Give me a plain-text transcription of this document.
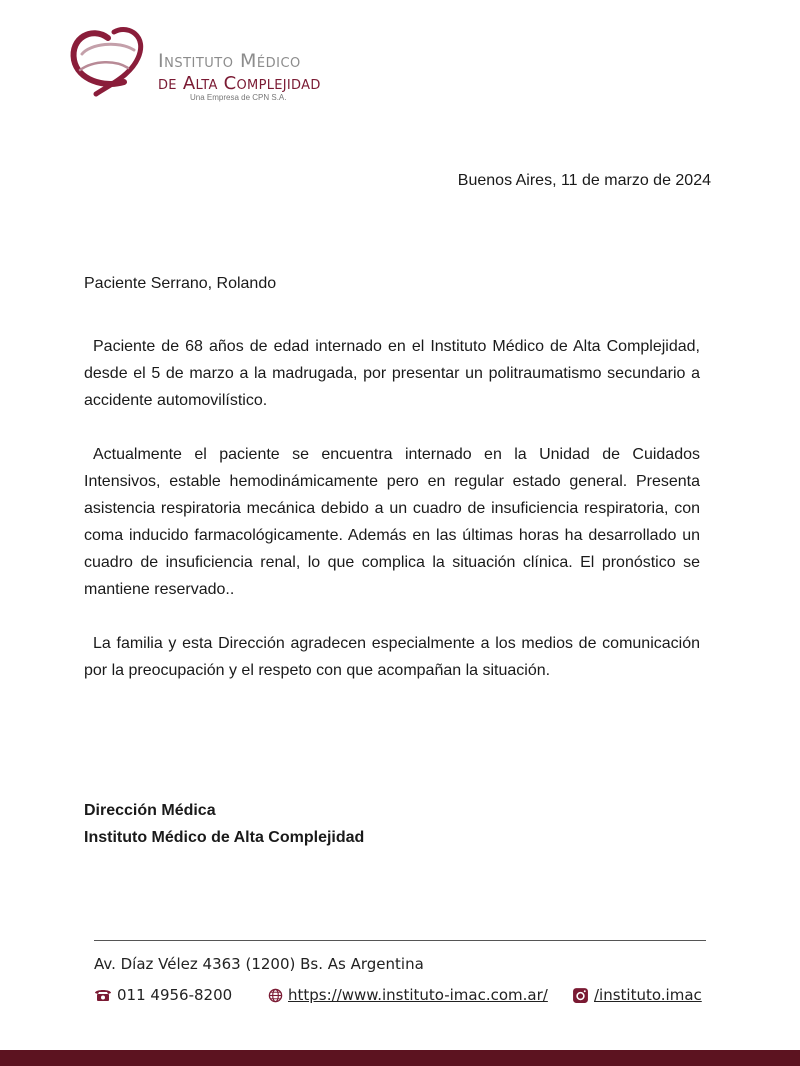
Instituto Médico
de Alta Complejidad
Una Empresa de CPN S.A.
Buenos Aires, 11 de marzo de 2024
Paciente Serrano, Rolando

Paciente de 68 años de edad internado en el Instituto Médico de Alta Complejidad, desde el 5 de marzo a la madrugada, por presentar un politraumatismo secundario a accidente automovilístico.

Actualmente el paciente se encuentra internado en la Unidad de Cuidados Intensivos, estable hemodinámicamente pero en regular estado general. Presenta asistencia respiratoria mecánica debido a un cuadro de insuficiencia respiratoria, con coma inducido farmacológicamente. Además en las últimas horas ha desarrollado un cuadro de insuficiencia renal, lo que complica la situación clínica. El pronóstico se mantiene reservado..

La familia y esta Dirección agradecen especialmente a los medios de comunicación por la preocupación y el respeto con que acompañan la situación.

Dirección Médica
Instituto Médico de Alta Complejidad
Av. Díaz Vélez 4363 (1200) Bs. As Argentina
011 4956-8200	https://www.instituto-imac.com.ar/	/instituto.imac
